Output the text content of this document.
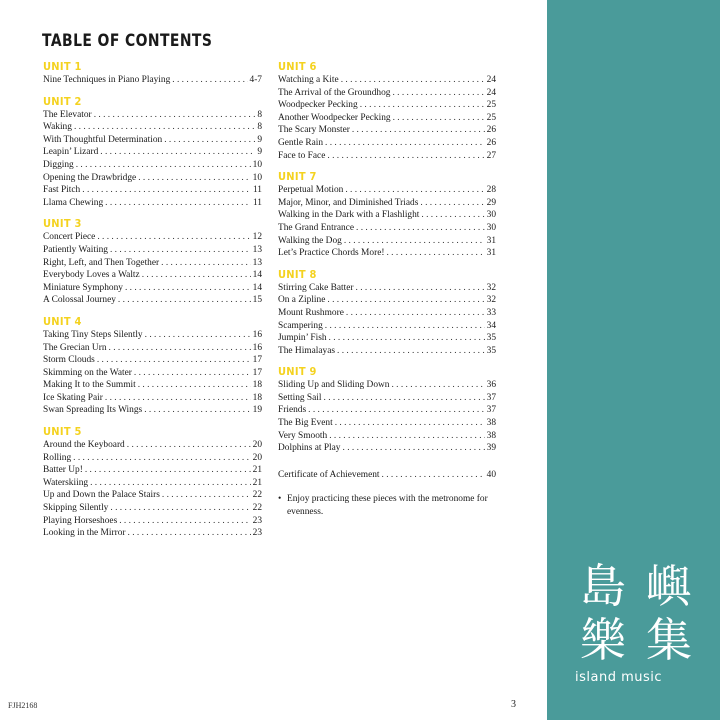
TABLE OF CONTENTS
UNIT 1
Nine Techniques in Piano Playing . . .	4-7
UNIT 2
The Elevator . . .	8
Waking . . .	8
With Thoughtful Determination . . .	9
Leapin’ Lizard . . .	9
Digging . . .	10
Opening the Drawbridge . . .	10
Fast Pitch . . .	11
Llama Chewing . . .	11
UNIT 3
Concert Piece . . .	12
Patiently Waiting . . .	13
Right, Left, and Then Together . . .	13
Everybody Loves a Waltz . . .	14
Miniature Symphony . . .	14
A Colossal Journey . . .	15
UNIT 4
Taking Tiny Steps Silently . . .	16
The Grecian Urn . . .	16
Storm Clouds . . .	17
Skimming on the Water . . .	17
Making It to the Summit . . .	18
Ice Skating Pair . . .	18
Swan Spreading Its Wings . . .	19
UNIT 5
Around the Keyboard . . .	20
Rolling . . .	20
Batter Up! . . .	21
Waterskiing . . .	21
Up and Down the Palace Stairs . . .	22
Skipping Silently . . .	22
Playing Horseshoes . . .	23
Looking in the Mirror . . .	23
UNIT 6
Watching a Kite . . .	24
The Arrival of the Groundhog . . .	24
Woodpecker Pecking . . .	25
Another Woodpecker Pecking . . .	25
The Scary Monster . . .	26
Gentle Rain . . .	26
Face to Face . . .	27
UNIT 7
Perpetual Motion . . .	28
Major, Minor, and Diminished Triads . . .	29
Walking in the Dark with a Flashlight . . .	30
The Grand Entrance . . .	30
Walking the Dog . . .	31
Let’s Practice Chords More! . . .	31
UNIT 8
Stirring Cake Batter . . .	32
On a Zipline . . .	32
Mount Rushmore . . .	33
Scampering . . .	34
Jumpin’ Fish . . .	35
The Himalayas . . .	35
UNIT 9
Sliding Up and Sliding Down . . .	36
Setting Sail . . .	37
Friends . . .	37
The Big Event . . .	38
Very Smooth . . .	38
Dolphins at Play . . .	39
Certificate of Achievement . . .	40
• Enjoy practicing these pieces with the metronome for evenness.
FJH2168	3
島 嶼
樂 集
island music
